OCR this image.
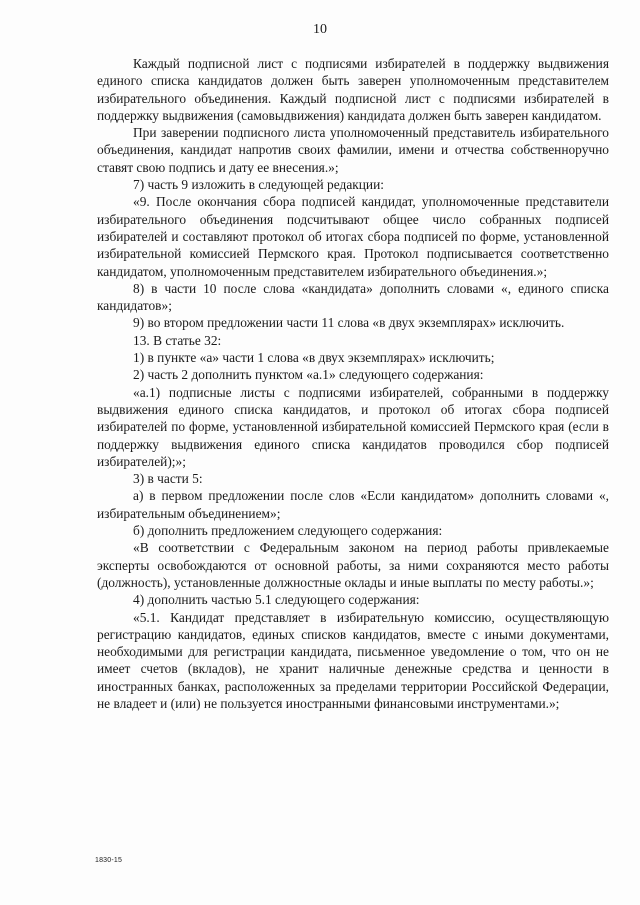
10

Каждый подписной лист с подписями избирателей в поддержку выдвижения единого списка кандидатов должен быть заверен уполномоченным представителем избирательного объединения. Каждый подписной лист с подписями избирателей в поддержку выдвижения (самовыдвижения) кандидата должен быть заверен кандидатом.

При заверении подписного листа уполномоченный представитель избирательного объединения, кандидат напротив своих фамилии, имени и отчества собственноручно ставят свою подпись и дату ее внесения.»;

7) часть 9 изложить в следующей редакции:

«9. После окончания сбора подписей кандидат, уполномоченные представители избирательного объединения подсчитывают общее число собранных подписей избирателей и составляют протокол об итогах сбора подписей по форме, установленной избирательной комиссией Пермского края. Протокол подписывается соответственно кандидатом, уполномоченным представителем избирательного объединения.»;

8) в части 10 после слова «кандидата» дополнить словами «, единого списка кандидатов»;

9) во втором предложении части 11 слова «в двух экземплярах» исключить.

13. В статье 32:

1) в пункте «а» части 1 слова «в двух экземплярах» исключить;

2) часть 2 дополнить пунктом «а.1» следующего содержания:

«а.1) подписные листы с подписями избирателей, собранными в поддержку выдвижения единого списка кандидатов, и протокол об итогах сбора подписей избирателей по форме, установленной избирательной комиссией Пермского края (если в поддержку выдвижения единого списка кандидатов проводился сбор подписей избирателей);»;

3) в части 5:

а) в первом предложении после слов «Если кандидатом» дополнить словами «, избирательным объединением»;

б) дополнить предложением следующего содержания:

«В соответствии с Федеральным законом на период работы привлекаемые эксперты освобождаются от основной работы, за ними сохраняются место работы (должность), установленные должностные оклады и иные выплаты по месту работы.»;

4) дополнить частью 5.1 следующего содержания:

«5.1. Кандидат представляет в избирательную комиссию, осуществляющую регистрацию кандидатов, единых списков кандидатов, вместе с иными документами, необходимыми для регистрации кандидата, письменное уведомление о том, что он не имеет счетов (вкладов), не хранит наличные денежные средства и ценности в иностранных банках, расположенных за пределами территории Российской Федерации, не владеет и (или) не пользуется иностранными финансовыми инструментами.»;

1830-15
